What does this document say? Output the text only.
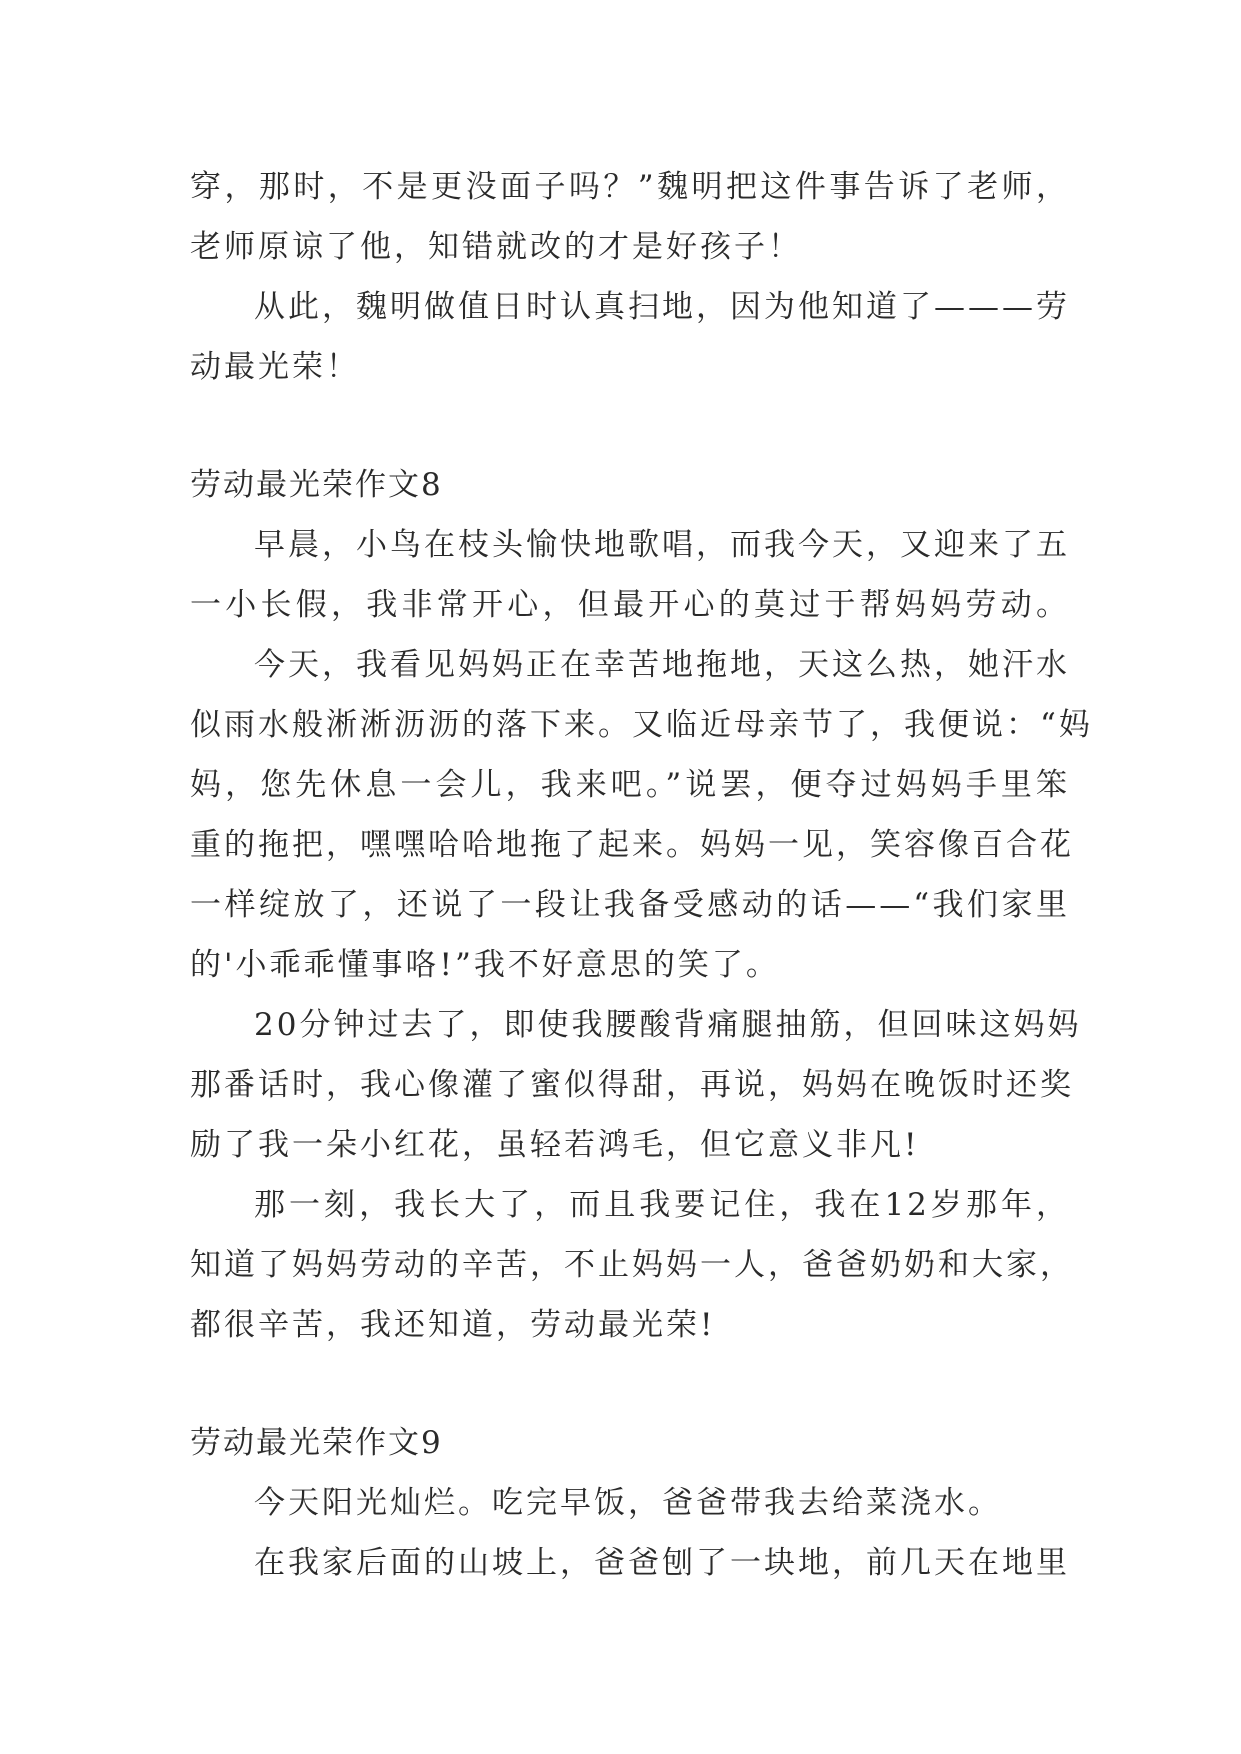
穿，那时，不是更没面子吗？”魏明把这件事告诉了老师，
老师原谅了他，知错就改的才是好孩子！
从此，魏明做值日时认真扫地，因为他知道了———劳
动最光荣！
劳动最光荣作文8
早晨，小鸟在枝头愉快地歌唱，而我今天，又迎来了五
一小长假，我非常开心，但最开心的莫过于帮妈妈劳动。
今天，我看见妈妈正在幸苦地拖地，天这么热，她汗水
似雨水般淅淅沥沥的落下来。又临近母亲节了，我便说：“妈
妈，您先休息一会儿，我来吧。”说罢，便夺过妈妈手里笨
重的拖把，嘿嘿哈哈地拖了起来。妈妈一见，笑容像百合花
一样绽放了，还说了一段让我备受感动的话——“我们家里
的'小乖乖懂事咯!”我不好意思的笑了。
20分钟过去了，即使我腰酸背痛腿抽筋，但回味这妈妈
那番话时，我心像灌了蜜似得甜，再说，妈妈在晚饭时还奖
励了我一朵小红花，虽轻若鸿毛，但它意义非凡!
那一刻，我长大了，而且我要记住，我在12岁那年，
知道了妈妈劳动的辛苦，不止妈妈一人，爸爸奶奶和大家，
都很辛苦，我还知道，劳动最光荣!
劳动最光荣作文9
今天阳光灿烂。吃完早饭，爸爸带我去给菜浇水。
在我家后面的山坡上，爸爸刨了一块地，前几天在地里
